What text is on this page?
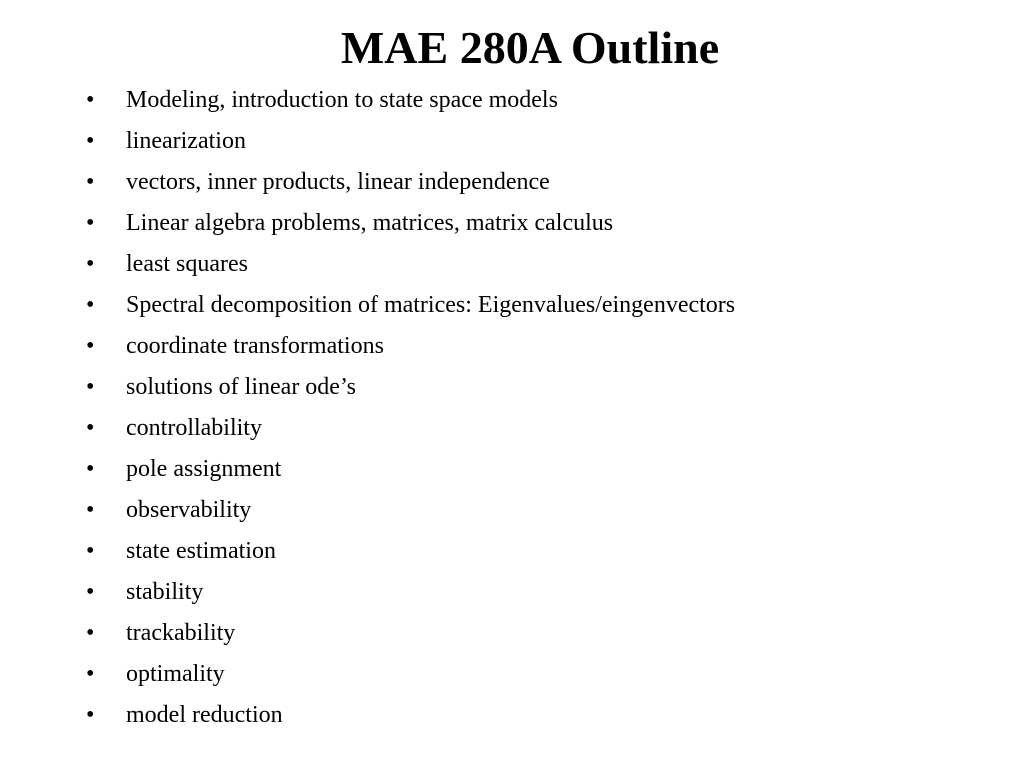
MAE 280A Outline
•	Modeling, introduction to state space models
•	linearization
•	vectors, inner products, linear independence
•	Linear algebra problems, matrices, matrix calculus
•	least squares
•	Spectral decomposition of matrices: Eigenvalues/eingenvectors
•	coordinate transformations
•	solutions of linear ode’s
•	controllability
•	pole assignment
•	observability
•	state estimation
•	stability
•	trackability
•	optimality
•	model reduction
